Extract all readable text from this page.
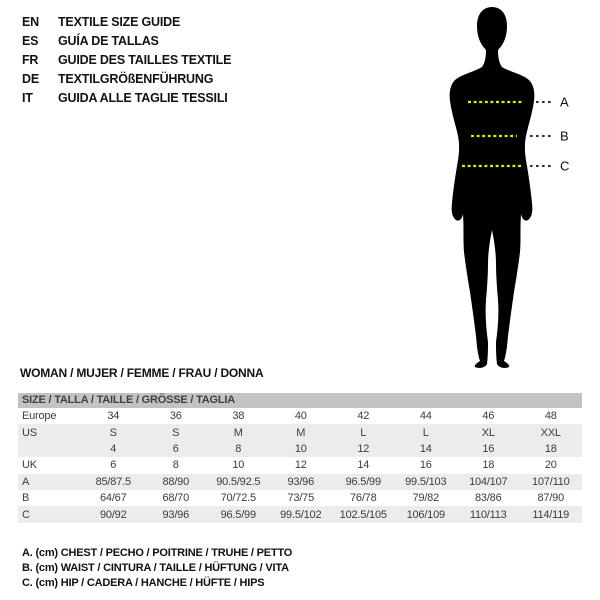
EN	TEXTILE SIZE GUIDE
ES	GUÍA DE TALLAS
FR	GUIDE DES TAILLES TEXTILE
DE	TEXTILGRÖßENFÜHRUNG
IT	GUIDA ALLE TAGLIE TESSILI	A
B
C
WOMAN / MUJER / FEMME / FRAU / DONNA
SIZE / TALLA / TAILLE / GRÖSSE / TAGLIA
Europe	34	36	38	40	42	44	46	48
US	S	S	M	M	L	L	XL	XXL
	4	6	8	10	12	14	16	18
UK	6	8	10	12	14	16	18	20
A	85/87.5	88/90	90.5/92.5	93/96	96.5/99	99.5/103	104/107	107/110
B	64/67	68/70	70/72.5	73/75	76/78	79/82	83/86	87/90
C	90/92	93/96	96.5/99	99.5/102	102.5/105	106/109	110/113	114/119
A. (cm) CHEST / PECHO / POITRINE / TRUHE / PETTO
B. (cm) WAIST / CINTURA / TAILLE / HÜFTUNG / VITA
C. (cm) HIP / CADERA / HANCHE / HÜFTE / HIPS
